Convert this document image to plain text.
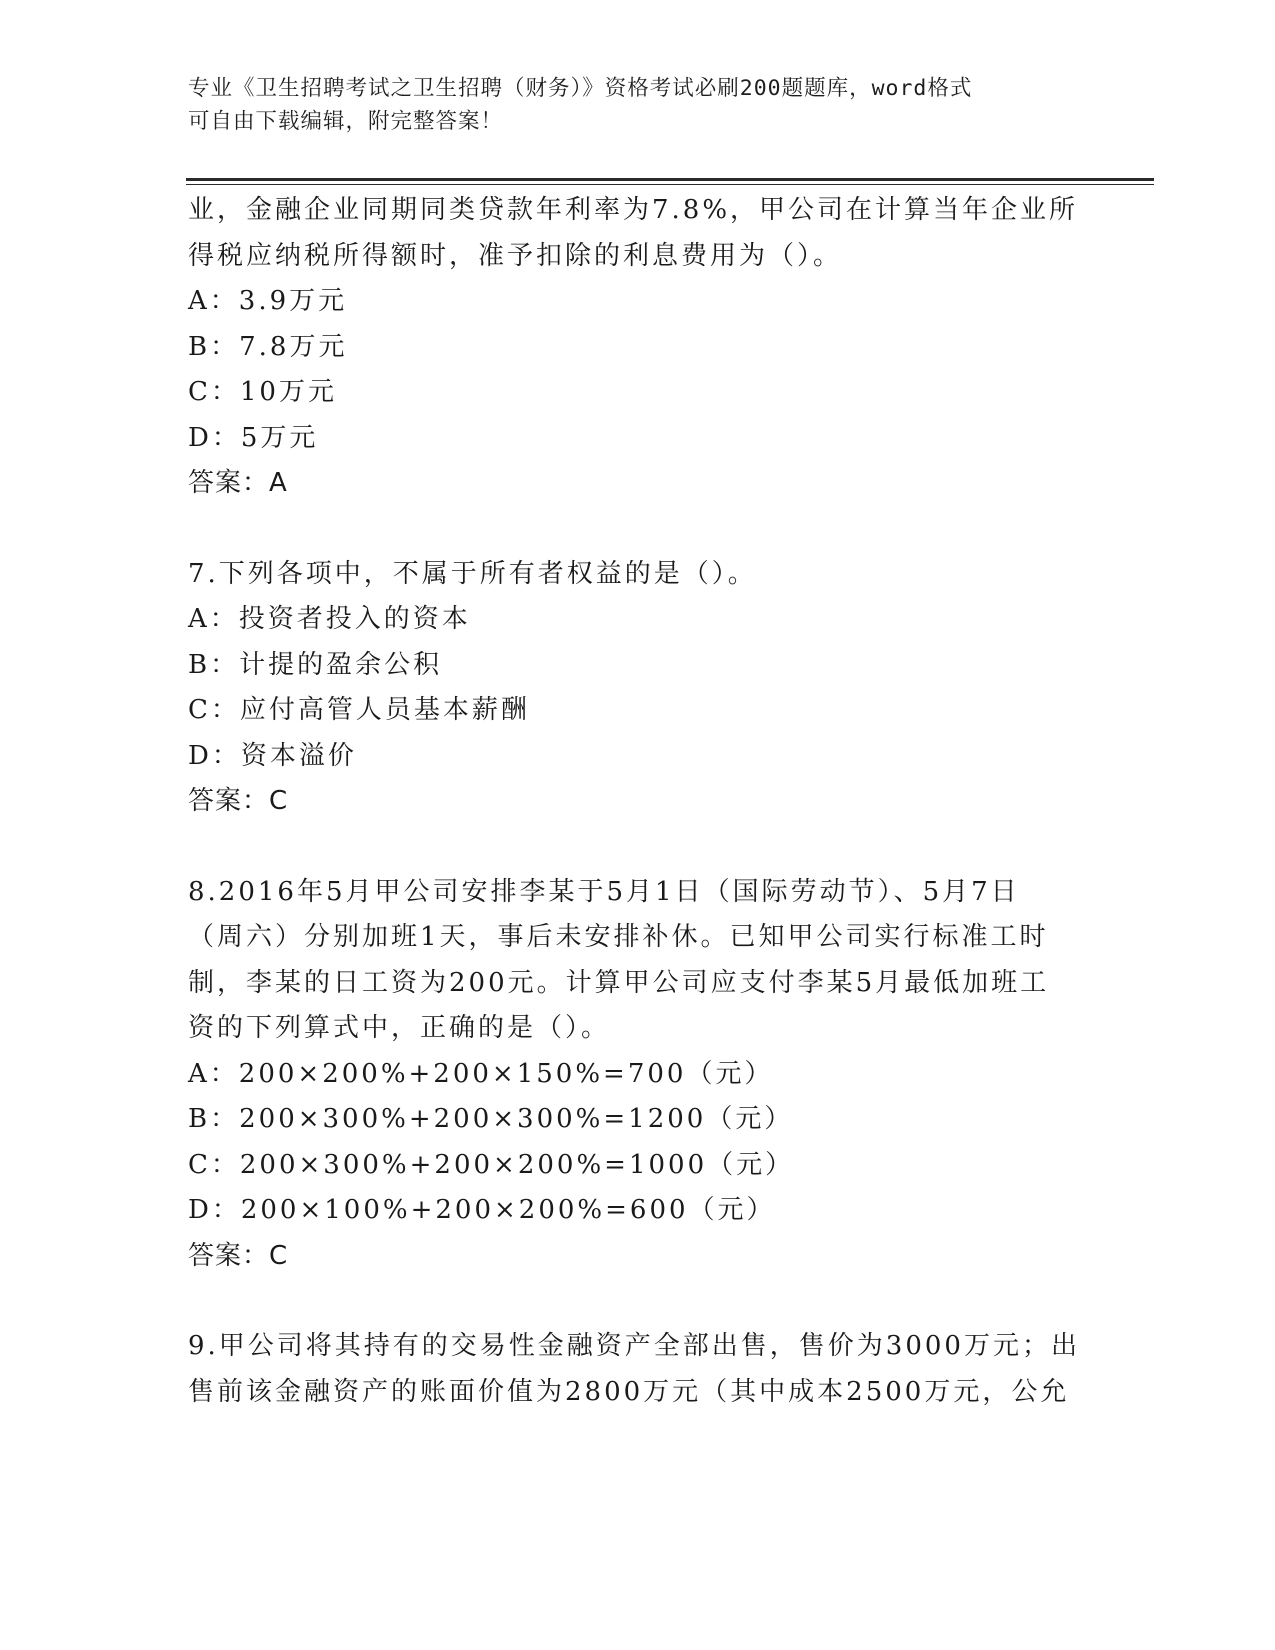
专业《卫生招聘考试之卫生招聘（财务）》资格考试必刷200题题库，word格式
可自由下载编辑，附完整答案！
业，金融企业同期同类贷款年利率为7.8%，甲公司在计算当年企业所
得税应纳税所得额时，准予扣除的利息费用为（）。
A：3.9万元
B：7.8万元
C：10万元
D：5万元
答案：A
7.下列各项中，不属于所有者权益的是（）。
A：投资者投入的资本
B：计提的盈余公积
C：应付高管人员基本薪酬
D：资本溢价
答案：C
8.2016年5月甲公司安排李某于5月1日（国际劳动节）、5月7日
（周六）分别加班1天，事后未安排补休。已知甲公司实行标准工时
制，李某的日工资为200元。计算甲公司应支付李某5月最低加班工
资的下列算式中，正确的是（）。
A：200×200%+200×150%=700（元）
B：200×300%+200×300%=1200（元）
C：200×300%+200×200%=1000（元）
D：200×100%+200×200%=600（元）
答案：C
9.甲公司将其持有的交易性金融资产全部出售，售价为3000万元；出
售前该金融资产的账面价值为2800万元（其中成本2500万元，公允
